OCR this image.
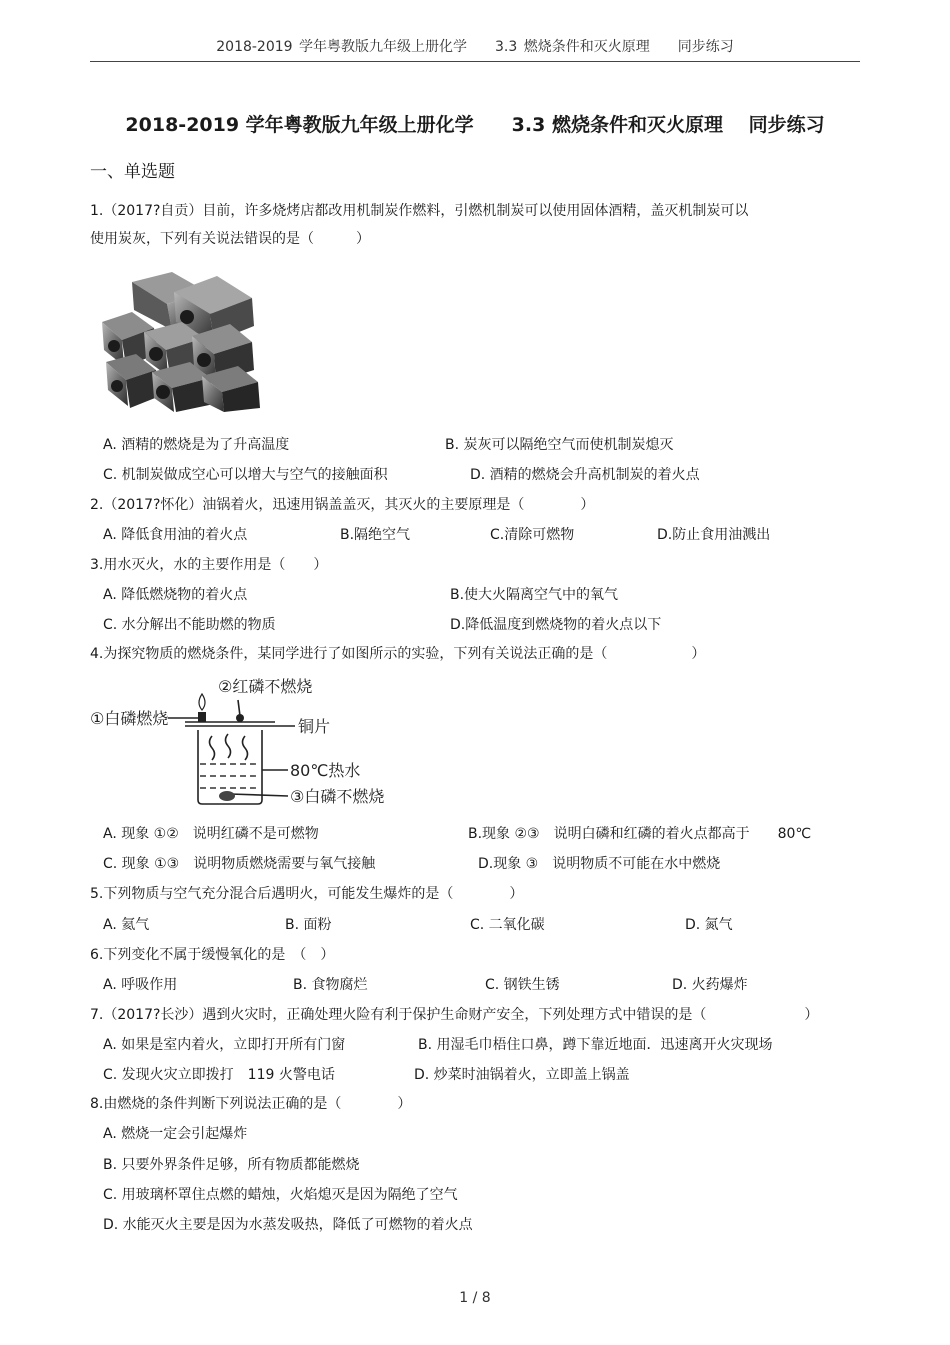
2018-2019 学年粤教版九年级上册化学　　3.3 燃烧条件和灭火原理　　同步练习
2018-2019 学年粤教版九年级上册化学　　3.3 燃烧条件和灭火原理　 同步练习
一、单选题
1.（2017?自贡）目前，许多烧烤店都改用机制炭作燃料，引燃机制炭可以使用固体酒精，盖灭机制炭可以
使用炭灰，下列有关说法错误的是（　　　）
A. 酒精的燃烧是为了升高温度	B. 炭灰可以隔绝空气而使机制炭熄灭
C. 机制炭做成空心可以增大与空气的接触面积	D. 酒精的燃烧会升高机制炭的着火点
2.（2017?怀化）油锅着火，迅速用锅盖盖灭，其灭火的主要原理是（　　　　）
A. 降低食用油的着火点	B.隔绝空气	C.清除可燃物	D.防止食用油溅出
3.用水灭火，水的主要作用是（　　）
A. 降低燃烧物的着火点	B.使大火隔离空气中的氧气
C. 水分解出不能助燃的物质	D.降低温度到燃烧物的着火点以下
4.为探究物质的燃烧条件，某同学进行了如图所示的实验，下列有关说法正确的是（　　　　　　）
②红磷不燃烧
①白磷燃烧	铜片
80℃热水
③白磷不燃烧
A. 现象 ①②　说明红磷不是可燃物	B.现象 ②③　说明白磷和红磷的着火点都高于　　80℃
C. 现象 ①③　说明物质燃烧需要与氧气接触	D.现象 ③　说明物质不可能在水中燃烧
5.下列物质与空气充分混合后遇明火，可能发生爆炸的是（　　　　）
A. 氦气	B. 面粉	C. 二氧化碳	D. 氮气
6.下列变化不属于缓慢氧化的是　（　）
A. 呼吸作用	B. 食物腐烂	C. 钢铁生锈	D. 火药爆炸
7.（2017?长沙）遇到火灾时，正确处理火险有利于保护生命财产安全，下列处理方式中错误的是（　　　　　　　）
A. 如果是室内着火，立即打开所有门窗	B. 用湿毛巾梧住口鼻，蹲下靠近地面．迅速离开火灾现场
C. 发现火灾立即拨打　119 火警电话	D. 炒菜时油锅着火，立即盖上锅盖
8.由燃烧的条件判断下列说法正确的是（　　　　）
A. 燃烧一定会引起爆炸
B. 只要外界条件足够，所有物质都能燃烧
C. 用玻璃杯罩住点燃的蜡烛，火焰熄灭是因为隔绝了空气
D. 水能灭火主要是因为水蒸发吸热，降低了可燃物的着火点
1 / 8
